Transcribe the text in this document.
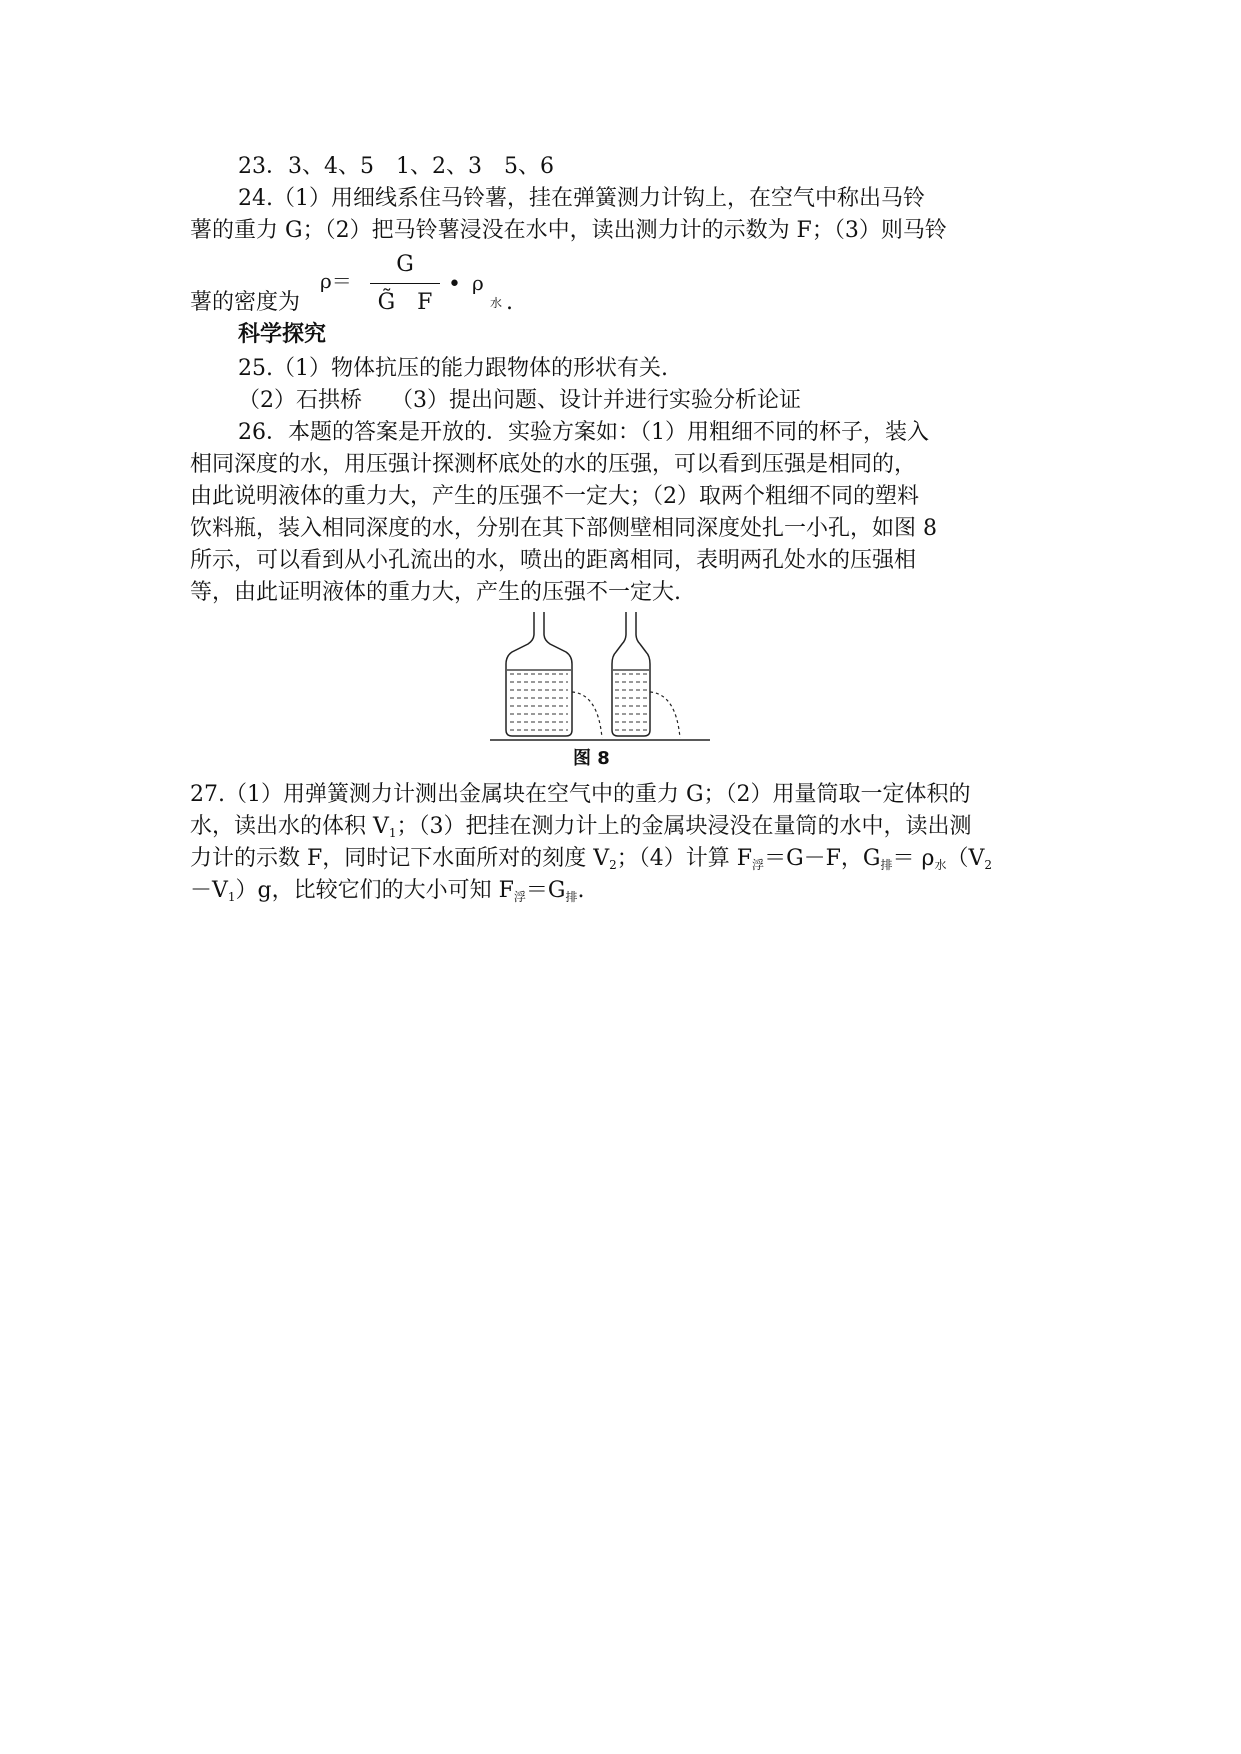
23．3、4、5　1、2、3　5、6
24.（1）用细线系住马铃薯，挂在弹簧测力计钩上，在空气中称出马铃
薯的重力 G；（2）把马铃薯浸没在水中，读出测力计的示数为 F；（3）则马铃
薯的密度为
ρ＝
G
G̃　F
• ρ
水 .
科学探究
25.（1）物体抗压的能力跟物体的形状有关.
（2）石拱桥　 （3）提出问题、设计并进行实验分析论证
26．本题的答案是开放的．实验方案如：（1）用粗细不同的杯子，装入
相同深度的水，用压强计探测杯底处的水的压强，可以看到压强是相同的，
由此说明液体的重力大，产生的压强不一定大；（2）取两个粗细不同的塑料
饮料瓶，装入相同深度的水，分别在其下部侧壁相同深度处扎一小孔，如图 8
所示，可以看到从小孔流出的水，喷出的距离相同，表明两孔处水的压强相
等，由此证明液体的重力大，产生的压强不一定大.
图 8
27.（1）用弹簧测力计测出金属块在空气中的重力 G；（2）用量筒取一定体积的
水，读出水的体积 $V_1$；（3）把挂在测力计上的金属块浸没在量筒的水中，读出测
力计的示数 F，同时记下水面所对的刻度 $V_2$；（4）计算 $F_浮=G-F$，$G_排= \rho_水(V_2$
$-V_1)g$，比较它们的大小可知 $F_浮=G_排$.
